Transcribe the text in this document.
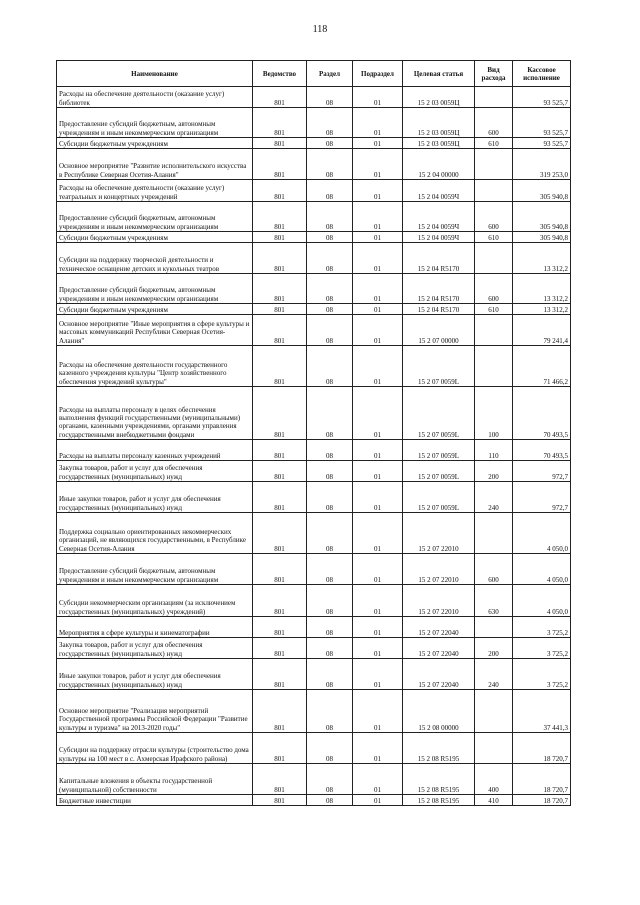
118
Наименование	Ведомство	Раздел	Подраздел	Целевая статья	Вид расхода	Кассовое исполнение
Расходы на обеспечение деятельности (оказание услуг) библиотек	801	08	01	15 2 03 0059Ц		93 525,7
Предоставление субсидий бюджетным, автономным учреждениям и иным некоммерческим организациям	801	08	01	15 2 03 0059Ц	600	93 525,7
Субсидии бюджетным учреждениям	801	08	01	15 2 03 0059Ц	610	93 525,7
Основное мероприятие "Развитие исполнительского искусства в Республике Северная Осетия-Алания"	801	08	01	15 2 04 00000		319 253,0
Расходы на обеспечение деятельности (оказание услуг) театральных и концертных учреждений	801	08	01	15 2 04 0059Ч		305 940,8
Предоставление субсидий бюджетным, автономным учреждениям и иным некоммерческим организациям	801	08	01	15 2 04 0059Ч	600	305 940,8
Субсидии бюджетным учреждениям	801	08	01	15 2 04 0059Ч	610	305 940,8
Субсидии на поддержку творческой деятельности и техническое оснащение детских и кукольных театров	801	08	01	15 2 04 R5170		13 312,2
Предоставление субсидий бюджетным, автономным учреждениям и иным некоммерческим организациям	801	08	01	15 2 04 R5170	600	13 312,2
Субсидии бюджетным учреждениям	801	08	01	15 2 04 R5170	610	13 312,2
Основное мероприятие "Иные мероприятия в сфере культуры и массовых коммуникаций Республики Северная Осетия-Алания"	801	08	01	15 2 07 00000		79 241,4
Расходы на обеспечение деятельности государственного казенного учреждения культуры "Центр хозяйственного обеспечения учреждений культуры"	801	08	01	15 2 07 0059L		71 466,2
Расходы на выплаты персоналу в целях обеспечения выполнения функций государственными (муниципальными) органами, казенными учреждениями, органами управления государственными внебюджетными фондами	801	08	01	15 2 07 0059L	100	70 493,5
Расходы на выплаты персоналу казенных учреждений	801	08	01	15 2 07 0059L	110	70 493,5
Закупка товаров, работ и услуг для обеспечения государственных (муниципальных) нужд	801	08	01	15 2 07 0059L	200	972,7
Иные закупки товаров, работ и услуг для обеспечения государственных (муниципальных) нужд	801	08	01	15 2 07 0059L	240	972,7
Поддержка социально ориентированных некоммерческих организаций, не являющихся государственными, в Республике Северная Осетия-Алания	801	08	01	15 2 07 22010		4 050,0
Предоставление субсидий бюджетным, автономным учреждениям и иным некоммерческим организациям	801	08	01	15 2 07 22010	600	4 050,0
Субсидии некоммерческим организациям (за исключением государственных (муниципальных) учреждений)	801	08	01	15 2 07 22010	630	4 050,0
Мероприятия в сфере культуры и кинематографии	801	08	01	15 2 07 22040		3 725,2
Закупка товаров, работ и услуг для обеспечения государственных (муниципальных) нужд	801	08	01	15 2 07 22040	200	3 725,2
Иные закупки товаров, работ и услуг для обеспечения государственных (муниципальных) нужд	801	08	01	15 2 07 22040	240	3 725,2
Основное мероприятие "Реализация мероприятий Государственной программы Российской Федерации "Развитие культуры и туризма" на 2013-2020 годы"	801	08	01	15 2 08 00000		37 441,3
Субсидии на поддержку отрасли культуры (строительство дома культуры на 100 мест в с. Ахмерская Ирафского района)	801	08	01	15 2 08 R5195		18 720,7
Капитальные вложения в объекты государственной (муниципальной) собственности	801	08	01	15 2 08 R5195	400	18 720,7
Бюджетные инвестиции	801	08	01	15 2 08 R5195	410	18 720,7
